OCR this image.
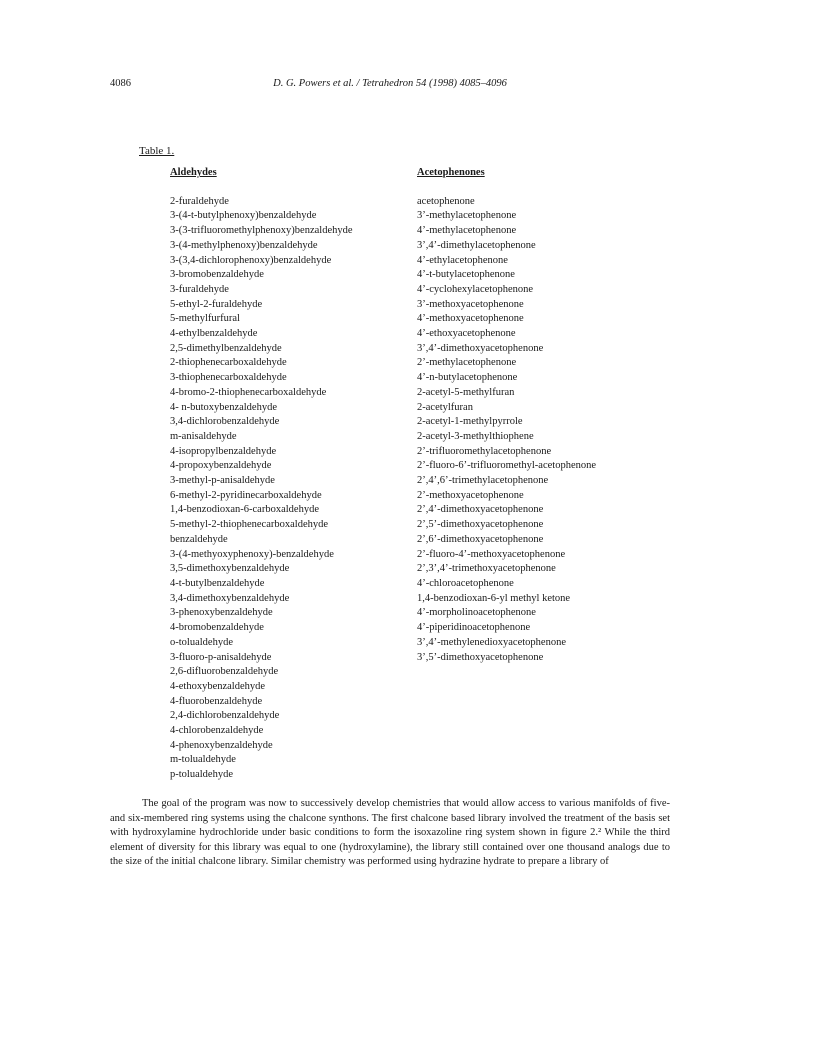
4086	D. G. Powers et al. / Tetrahedron 54 (1998) 4085–4096
Table 1.
Aldehydes
2-furaldehyde
3-(4-t-butylphenoxy)benzaldehyde
3-(3-trifluoromethylphenoxy)benzaldehyde
3-(4-methylphenoxy)benzaldehyde
3-(3,4-dichlorophenoxy)benzaldehyde
3-bromobenzaldehyde
3-furaldehyde
5-ethyl-2-furaldehyde
5-methylfurfural
4-ethylbenzaldehyde
2,5-dimethylbenzaldehyde
2-thiophenecarboxaldehyde
3-thiophenecarboxaldehyde
4-bromo-2-thiophenecarboxaldehyde
4- n-butoxybenzaldehyde
3,4-dichlorobenzaldehyde
m-anisaldehyde
4-isopropylbenzaldehyde
4-propoxybenzaldehyde
3-methyl-p-anisaldehyde
6-methyl-2-pyridinecarboxaldehyde
1,4-benzodioxan-6-carboxaldehyde
5-methyl-2-thiophenecarboxaldehyde
benzaldehyde
3-(4-methyoxyphenoxy)-benzaldehyde
3,5-dimethoxybenzaldehyde
4-t-butylbenzaldehyde
3,4-dimethoxybenzaldehyde
3-phenoxybenzaldehyde
4-bromobenzaldehyde
o-tolualdehyde
3-fluoro-p-anisaldehyde
2,6-difluorobenzaldehyde
4-ethoxybenzaldehyde
4-fluorobenzaldehyde
2,4-dichlorobenzaldehyde
4-chlorobenzaldehyde
4-phenoxybenzaldehyde
m-tolualdehyde
p-tolualdehyde
Acetophenones
acetophenone
3’-methylacetophenone
4’-methylacetophenone
3’,4’-dimethylacetophenone
4’-ethylacetophenone
4’-t-butylacetophenone
4’-cyclohexylacetophenone
3’-methoxyacetophenone
4’-methoxyacetophenone
4’-ethoxyacetophenone
3’,4’-dimethoxyacetophenone
2’-methylacetophenone
4’-n-butylacetophenone
2-acetyl-5-methylfuran
2-acetylfuran
2-acetyl-1-methylpyrrole
2-acetyl-3-methylthiophene
2’-trifluoromethylacetophenone
2’-fluoro-6’-trifluoromethyl-acetophenone
2’,4’,6’-trimethylacetophenone
2’-methoxyacetophenone
2’,4’-dimethoxyacetophenone
2’,5’-dimethoxyacetophenone
2’,6’-dimethoxyacetophenone
2’-fluoro-4’-methoxyacetophenone
2’,3’,4’-trimethoxyacetophenone
4’-chloroacetophenone
1,4-benzodioxan-6-yl methyl ketone
4’-morpholinoacetophenone
4’-piperidinoacetophenone
3’,4’-methylenedioxyacetophenone
3’,5’-dimethoxyacetophenone

The goal of the program was now to successively develop chemistries that would allow access to various manifolds of five- and six-membered ring systems using the chalcone synthons. The first chalcone based library involved the treatment of the basis set with hydroxylamine hydrochloride under basic conditions to form the isoxazoline ring system shown in figure 2.² While the third element of diversity for this library was equal to one (hydroxylamine), the library still contained over one thousand analogs due to the size of the initial chalcone library. Similar chemistry was performed using hydrazine hydrate to prepare a library of
